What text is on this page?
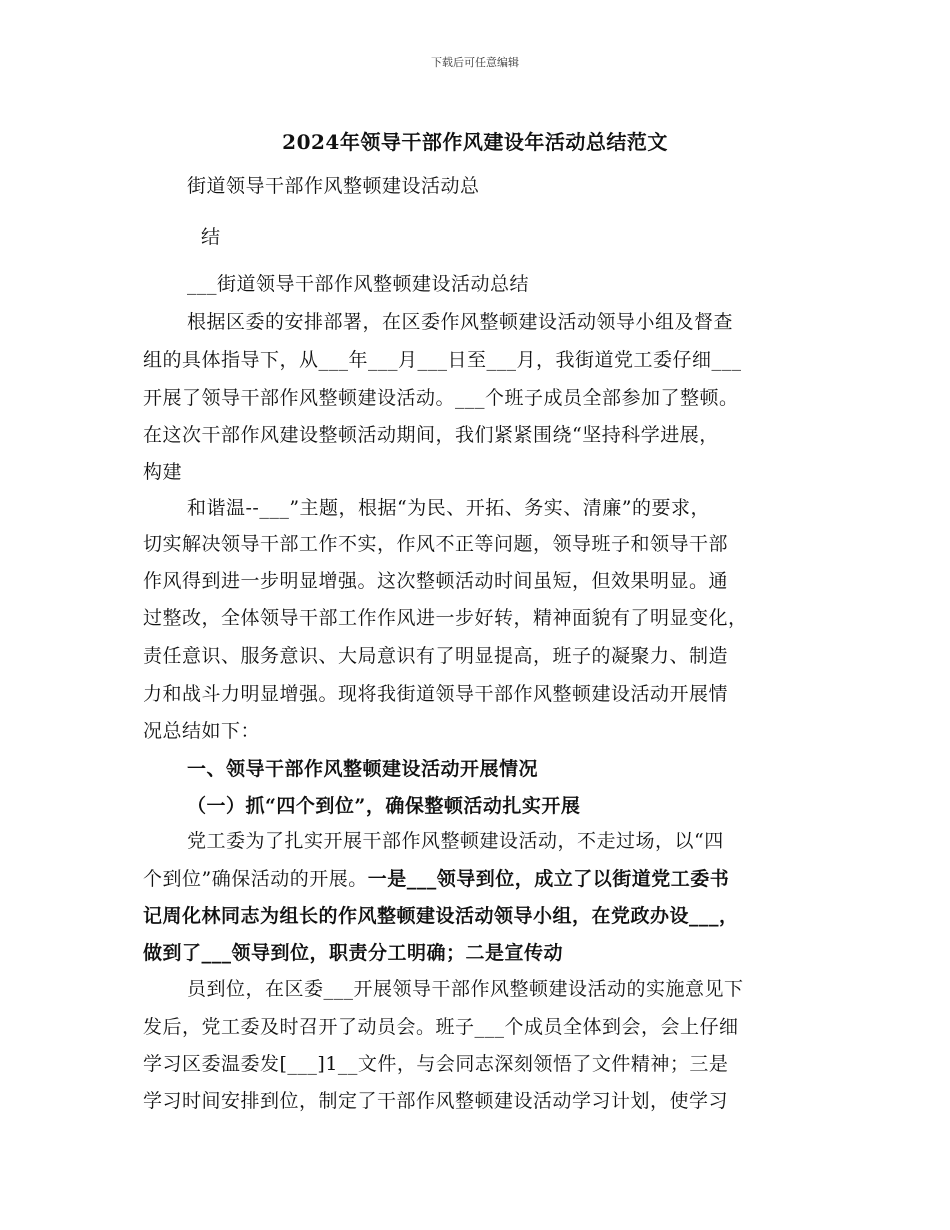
下载后可任意编辑
2024年领导干部作风建设年活动总结范文
街道领导干部作风整顿建设活动总
结
___街道领导干部作风整顿建设活动总结
根据区委的安排部署，在区委作风整顿建设活动领导小组及督查
组的具体指导下，从___年___月___日至___月，我街道党工委仔细___
开展了领导干部作风整顿建设活动。___个班子成员全部参加了整顿。
在这次干部作风建设整顿活动期间，我们紧紧围绕“坚持科学进展，
构建
和谐温--___”主题，根据“为民、开拓、务实、清廉”的要求，
切实解决领导干部工作不实，作风不正等问题，领导班子和领导干部
作风得到进一步明显增强。这次整顿活动时间虽短，但效果明显。通
过整改，全体领导干部工作作风进一步好转，精神面貌有了明显变化，
责任意识、服务意识、大局意识有了明显提高，班子的凝聚力、制造
力和战斗力明显增强。现将我街道领导干部作风整顿建设活动开展情
况总结如下：
一、领导干部作风整顿建设活动开展情况
（一）抓“四个到位”，确保整顿活动扎实开展
党工委为了扎实开展干部作风整顿建设活动，不走过场，以“四
个到位”确保活动的开展。一是___领导到位，成立了以街道党工委书
记周化林同志为组长的作风整顿建设活动领导小组，在党政办设___，
做到了___领导到位，职责分工明确；二是宣传动
员到位，在区委___开展领导干部作风整顿建设活动的实施意见下
发后，党工委及时召开了动员会。班子___个成员全体到会，会上仔细
学习区委温委发[___]1__文件，与会同志深刻领悟了文件精神；三是
学习时间安排到位，制定了干部作风整顿建设活动学习计划，使学习
